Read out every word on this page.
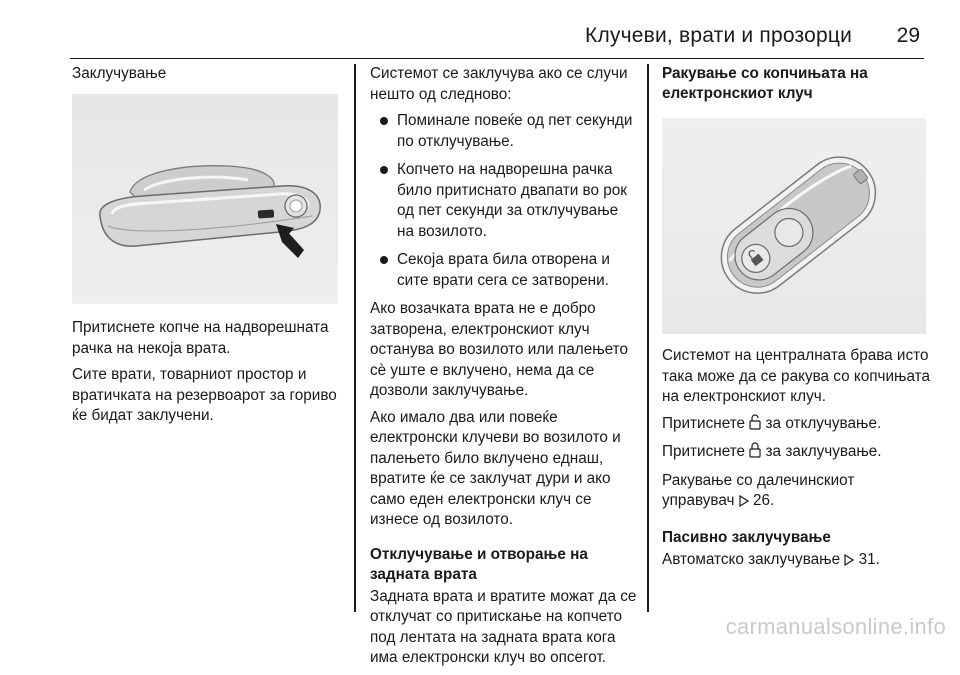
Клучеви, врати и прозорци 29
Заклучување

Притиснете копче на надворешната рачка на некоја врата.

Сите врати, товарниот простор и вратичката на резервоарот за гориво ќе бидат заклучени.

Системот се заклучува ако се случи нешто од следново:

Поминале повеќе од пет секунди по отклучување.
Копчето на надворешна рачка било притиснато двапати во рок од пет секунди за отклучување на возилото.
Секоја врата била отворена и сите врати сега се затворени.

Ако возачката врата не е добро затворена, електронскиот клуч останува во возилото или палењето сè уште е вклучено, нема да се дозволи заклучување.

Ако имало два или повеќе електронски клучеви во возилото и палењето било вклучено еднаш, вратите ќе се заклучат дури и ако само еден електронски клуч се изнесе од возилото.

Отклучување и отворање на задната врата

Задната врата и вратите можат да се отклучат со притискање на копчето под лентата на задната врата кога има електронски клуч во опсегот.

Ракување со копчињата на електронскиот клуч

Системот на централната брава исто така може да се ракува со копчињата на електронскиот клуч.

Притиснете за отклучување.

Притиснете за заклучување.

Ракување со далечинскиот управувач 26.

Пасивно заклучување

Автоматско заклучување 31.

carmanualsonline.info
